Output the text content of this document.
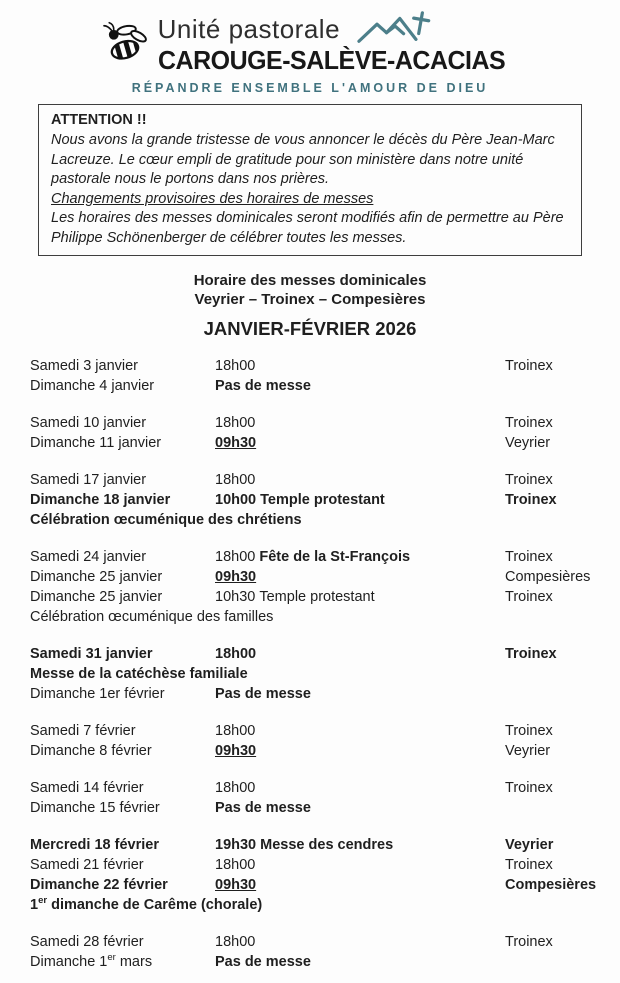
Unité pastorale
CAROUGE-SALÈVE-ACACIAS
RÉPANDRE ENSEMBLE L'AMOUR DE DIEU
ATTENTION !!
Nous avons la grande tristesse de vous annoncer le décès du Père Jean-Marc Lacreuze. Le cœur empli de gratitude pour son ministère dans notre unité pastorale nous le portons dans nos prières.
Changements provisoires des horaires de messes
Les horaires des messes dominicales seront modifiés afin de permettre au Père Philippe Schönenberger de célébrer toutes les messes.
Horaire des messes dominicales
Veyrier – Troinex – Compesières
JANVIER-FÉVRIER 2026
Samedi 3 janvier	18h00	Troinex
Dimanche 4 janvier	Pas de messe
Samedi 10 janvier	18h00	Troinex
Dimanche 11 janvier	09h30	Veyrier
Samedi 17 janvier	18h00	Troinex
Dimanche 18 janvier	10h00 Temple protestant	Troinex
Célébration œcuménique des chrétiens
Samedi 24 janvier	18h00 Fête de la St-François	Troinex
Dimanche 25 janvier	09h30	Compesières
Dimanche 25 janvier	10h30 Temple protestant	Troinex
Célébration œcuménique des familles
Samedi 31 janvier	18h00	Troinex
Messe de la catéchèse familiale
Dimanche 1er février	Pas de messe
Samedi 7 février	18h00	Troinex
Dimanche 8 février	09h30	Veyrier
Samedi 14 février	18h00	Troinex
Dimanche 15 février	Pas de messe
Mercredi 18 février	19h30 Messe des cendres	Veyrier
Samedi 21 février	18h00	Troinex
Dimanche 22 février	09h30	Compesières
1er dimanche de Carême (chorale)
Samedi 28 février	18h00	Troinex
Dimanche 1er mars	Pas de messe
